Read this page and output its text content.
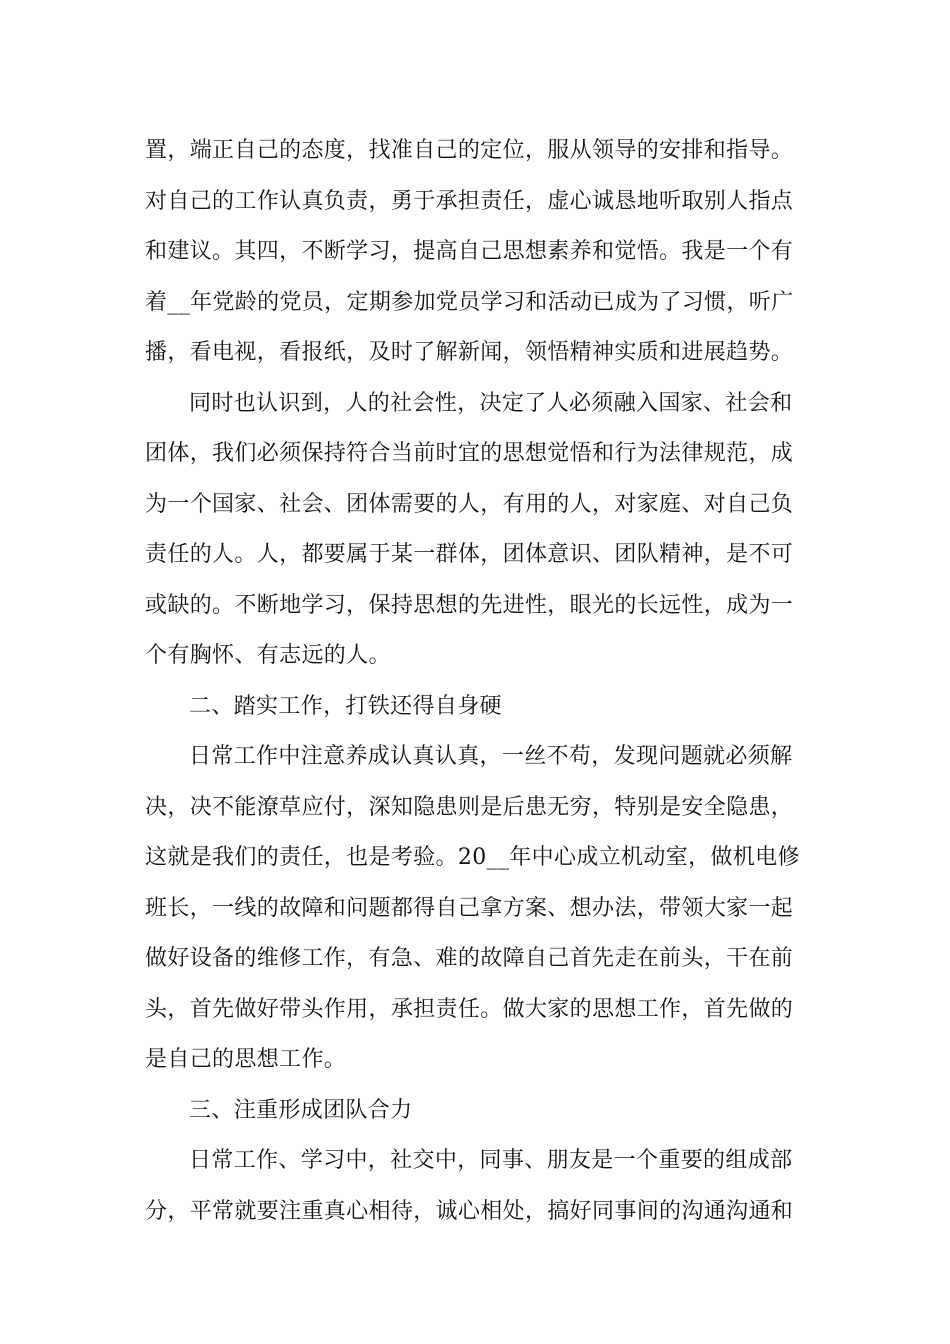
置，端正自己的态度，找准自己的定位，服从领导的安排和指导。
对自己的工作认真负责，勇于承担责任，虚心诚恳地听取别人指点
和建议。其四，不断学习，提高自己思想素养和觉悟。我是一个有
着__年党龄的党员，定期参加党员学习和活动已成为了习惯，听广
播，看电视，看报纸，及时了解新闻，领悟精神实质和进展趋势。
同时也认识到，人的社会性，决定了人必须融入国家、社会和
团体，我们必须保持符合当前时宜的思想觉悟和行为法律规范，成
为一个国家、社会、团体需要的人，有用的人，对家庭、对自己负
责任的人。人，都要属于某一群体，团体意识、团队精神，是不可
或缺的。不断地学习，保持思想的先进性，眼光的长远性，成为一
个有胸怀、有志远的人。
二、踏实工作，打铁还得自身硬
日常工作中注意养成认真认真，一丝不苟，发现问题就必须解
决，决不能潦草应付，深知隐患则是后患无穷，特别是安全隐患，
这就是我们的责任，也是考验。20__年中心成立机动室，做机电修
班长，一线的故障和问题都得自己拿方案、想办法，带领大家一起
做好设备的维修工作，有急、难的故障自己首先走在前头，干在前
头，首先做好带头作用，承担责任。做大家的思想工作，首先做的
是自己的思想工作。
三、注重形成团队合力
日常工作、学习中，社交中，同事、朋友是一个重要的组成部
分，平常就要注重真心相待，诚心相处，搞好同事间的沟通沟通和
